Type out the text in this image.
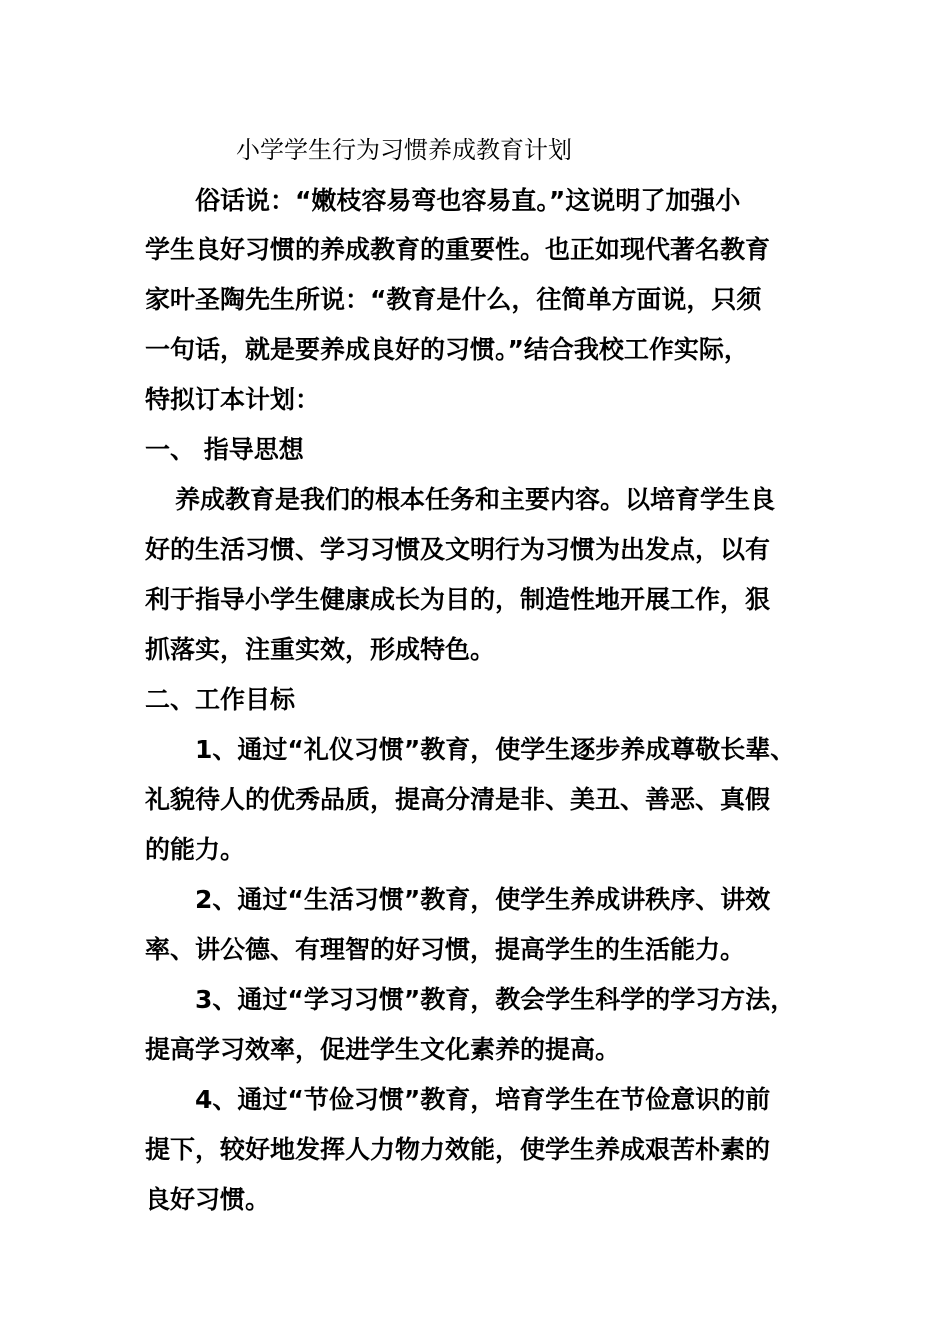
小学学生行为习惯养成教育计划
俗话说：“嫩枝容易弯也容易直。”这说明了加强小
学生良好习惯的养成教育的重要性。也正如现代著名教育
家叶圣陶先生所说：“教育是什么，往简单方面说，只须
一句话，就是要养成良好的习惯。”结合我校工作实际，
特拟订本计划：
一、 指导思想
养成教育是我们的根本任务和主要内容。以培育学生良
好的生活习惯、学习习惯及文明行为习惯为出发点，以有
利于指导小学生健康成长为目的，制造性地开展工作，狠
抓落实，注重实效，形成特色。
二、工作目标
1、通过“礼仪习惯”教育，使学生逐步养成尊敬长辈、
礼貌待人的优秀品质，提高分清是非、美丑、善恶、真假
的能力。
2、通过“生活习惯”教育，使学生养成讲秩序、讲效
率、讲公德、有理智的好习惯，提高学生的生活能力。
3、通过“学习习惯”教育，教会学生科学的学习方法，
提高学习效率，促进学生文化素养的提高。
4、通过“节俭习惯”教育，培育学生在节俭意识的前
提下，较好地发挥人力物力效能，使学生养成艰苦朴素的
良好习惯。
